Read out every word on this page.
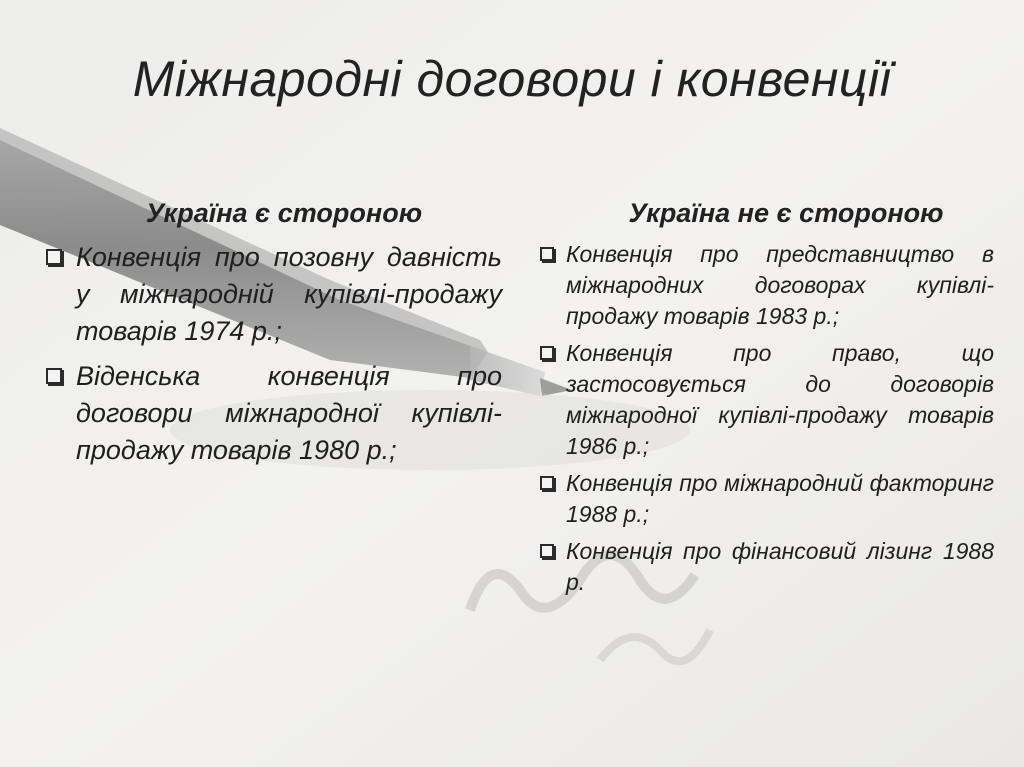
Міжнародні договори і конвенції
Україна є стороною
Конвенція про позовну давність у міжнародній купівлі-продажу товарів 1974 р.;
Віденська конвенція про договори міжнародної купівлі-продажу товарів 1980 р.;
Україна не є стороною
Конвенція про представництво в міжнародних договорах купівлі-продажу товарів 1983 р.;
Конвенція про право, що застосовується до договорів міжнародної купівлі-продажу товарів 1986 р.;
Конвенція про міжнародний факторинг 1988 р.;
Конвенція про фінансовий лізинг 1988 р.
